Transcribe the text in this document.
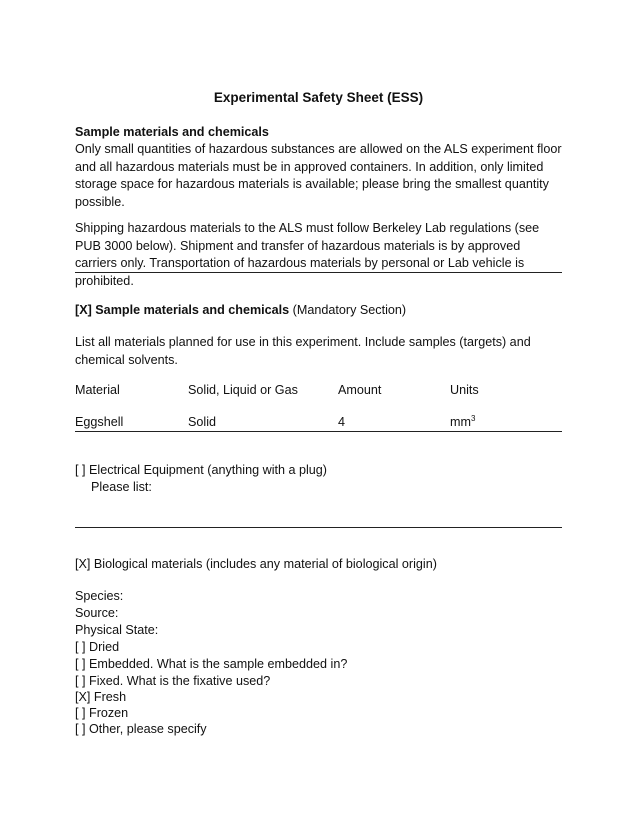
Experimental Safety Sheet (ESS)
Sample materials and chemicals
Only small quantities of hazardous substances are allowed on the ALS experiment floor and all hazardous materials must be in approved containers. In addition, only limited storage space for hazardous materials is available; please bring the smallest quantity possible.
Shipping hazardous materials to the ALS must follow Berkeley Lab regulations (see PUB 3000 below). Shipment and transfer of hazardous materials is by approved carriers only. Transportation of hazardous materials by personal or Lab vehicle is prohibited.
[X] Sample materials and chemicals (Mandatory Section)
List all materials planned for use in this experiment. Include samples (targets) and chemical solvents.
Material	Solid, Liquid or Gas	Amount	Units
Eggshell	Solid	4	$mm^3$
[ ] Electrical Equipment (anything with a plug)
Please list:
[X] Biological materials (includes any material of biological origin)
Species:
Source:
Physical State:
[ ] Dried
[ ] Embedded. What is the sample embedded in?
[ ] Fixed. What is the fixative used?
[X] Fresh
[ ] Frozen
[ ] Other, please specify
